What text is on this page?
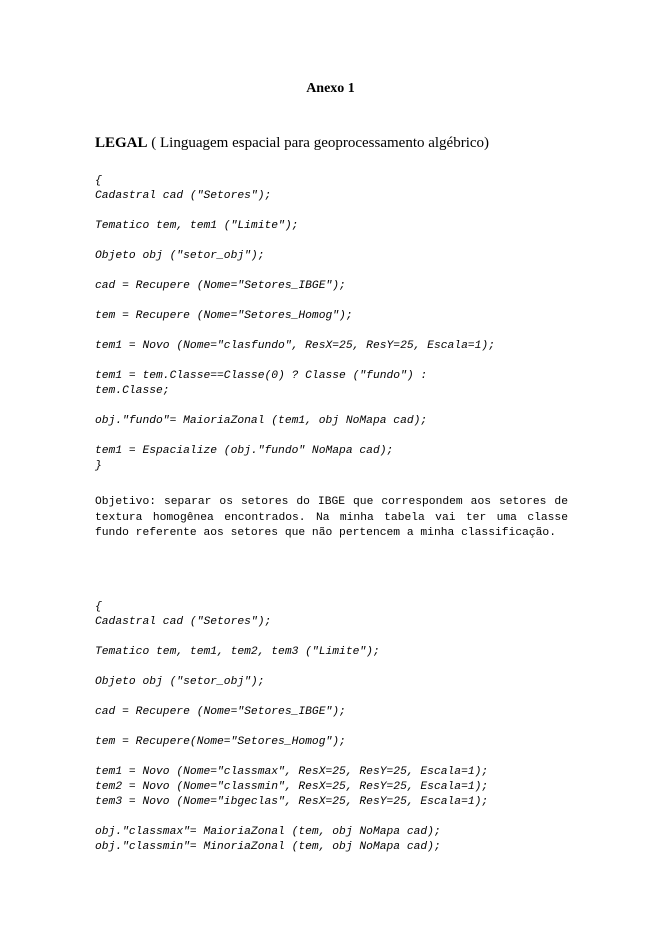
Anexo 1
LEGAL ( Linguagem espacial para geoprocessamento algébrico)
{
Cadastral cad ("Setores");
Tematico tem, tem1 ("Limite");
Objeto obj ("setor_obj");
cad = Recupere (Nome="Setores_IBGE");
tem = Recupere (Nome="Setores_Homog");
tem1 = Novo (Nome="clasfundo", ResX=25, ResY=25, Escala=1);
tem1 = tem.Classe==Classe(0) ? Classe ("fundo") :
tem.Classe;
obj."fundo"= MaioriaZonal (tem1, obj NoMapa cad);
tem1 = Espacialize (obj."fundo" NoMapa cad);
}

Objetivo: separar os setores do IBGE que correspondem aos setores de textura homogênea encontrados. Na minha tabela vai ter uma classe fundo referente aos setores que não pertencem a minha classificação.

{
Cadastral cad ("Setores");
Tematico tem, tem1, tem2, tem3 ("Limite");
Objeto obj ("setor_obj");
cad = Recupere (Nome="Setores_IBGE");
tem = Recupere(Nome="Setores_Homog");
tem1 = Novo (Nome="classmax", ResX=25, ResY=25, Escala=1);
tem2 = Novo (Nome="classmin", ResX=25, ResY=25, Escala=1);
tem3 = Novo (Nome="ibgeclas", ResX=25, ResY=25, Escala=1);
obj."classmax"= MaioriaZonal (tem, obj NoMapa cad);
obj."classmin"= MinoriaZonal (tem, obj NoMapa cad);
